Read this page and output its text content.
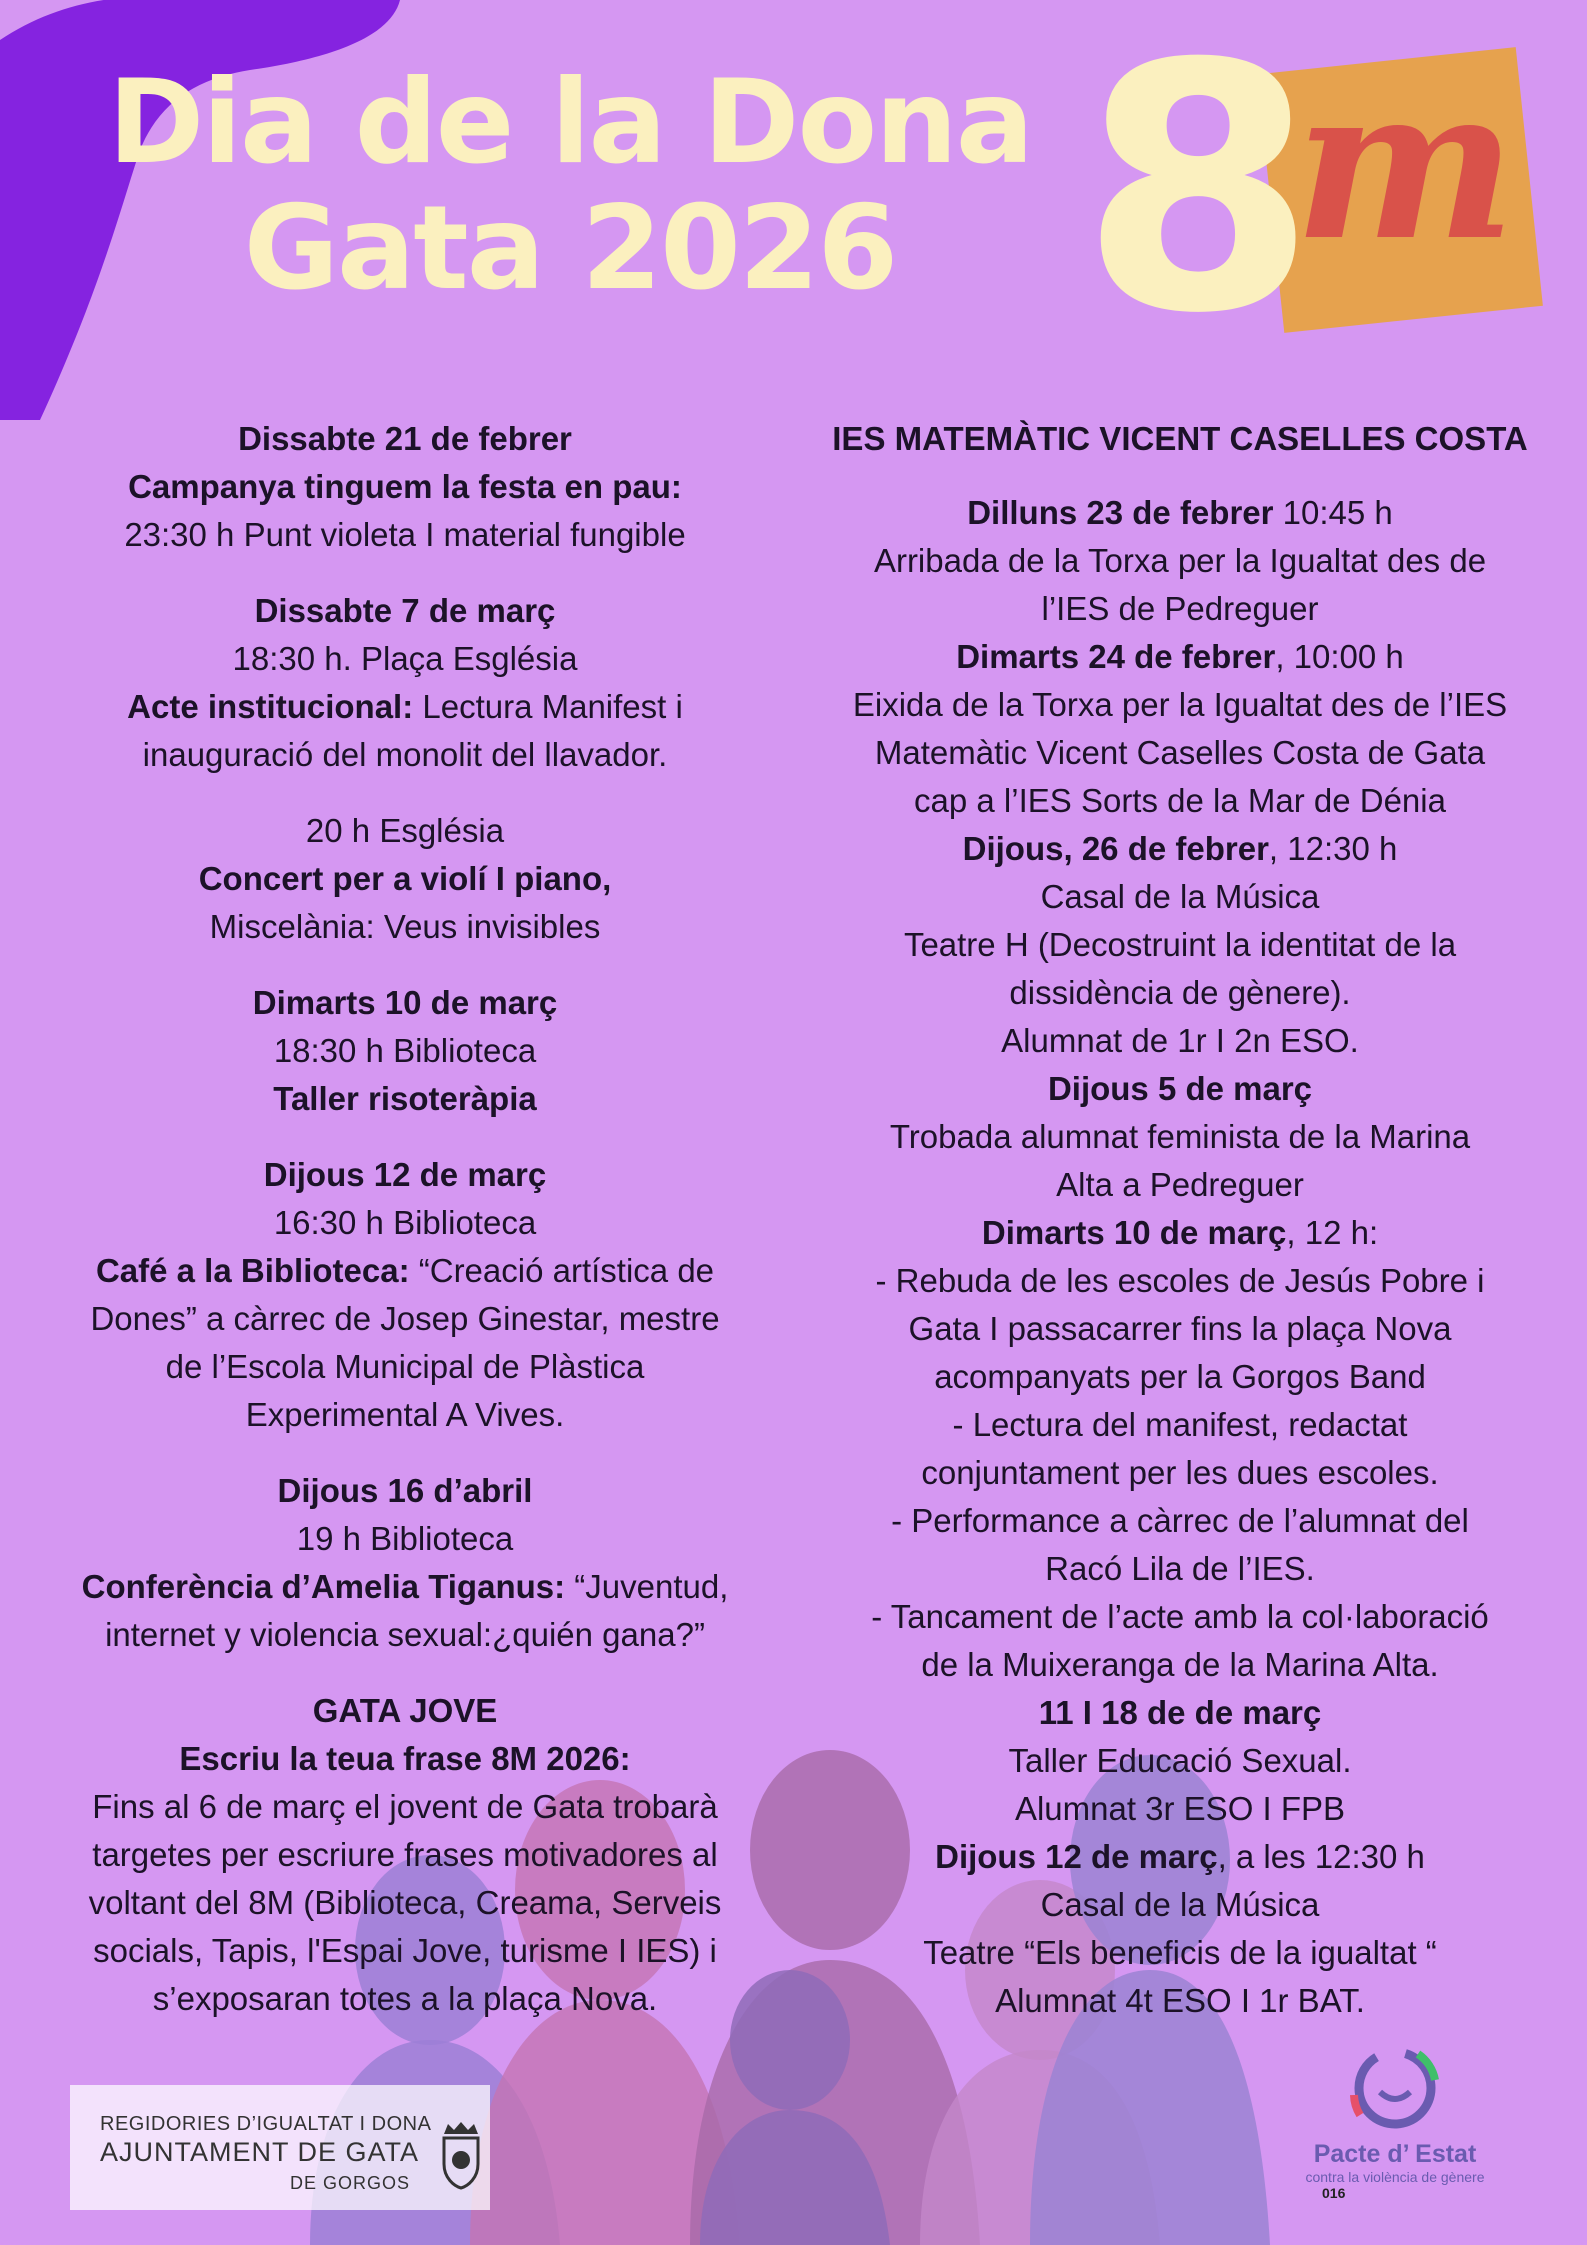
Dia de la Dona
Gata 2026 8
m

Dissabte 21 de febrer

Campanya tinguem la festa en pau:

23:30 h Punt violeta I material fungible

Dissabte 7 de març

18:30 h. Plaça Església

Acte institucional: Lectura Manifest i

inauguració del monolit del llavador.

20 h Església

Concert per a violí I piano,

Miscelània: Veus invisibles

Dimarts 10 de març

18:30 h Biblioteca

Taller risoteràpia

Dijous 12 de març

16:30 h Biblioteca

Café a la Biblioteca: “Creació artística de

Dones” a càrrec de Josep Ginestar, mestre

de l’Escola Municipal de Plàstica

Experimental A Vives.

Dijous 16 d’abril

19 h Biblioteca

Conferència d’Amelia Tiganus: “Juventud,

internet y violencia sexual:¿quién gana?”

GATA JOVE

Escriu la teua frase 8M 2026:

Fins al 6 de març el jovent de Gata trobarà

targetes per escriure frases motivadores al

voltant del 8M (Biblioteca, Creama, Serveis

socials, Tapis, l'Espai Jove, turisme I IES) i

s’exposaran totes a la plaça Nova.

IES MATEMÀTIC VICENT CASELLES COSTA

Dilluns 23 de febrer 10:45 h

Arribada de la Torxa per la Igualtat des de

l’IES de Pedreguer

Dimarts 24 de febrer, 10:00 h

Eixida de la Torxa per la Igualtat des de l’IES

Matemàtic Vicent Caselles Costa de Gata

cap a l’IES Sorts de la Mar de Dénia

Dijous, 26 de febrer, 12:30 h

Casal de la Música

Teatre H (Decostruint la identitat de la

dissidència de gènere).

Alumnat de 1r I 2n ESO.

Dijous 5 de març

Trobada alumnat feminista de la Marina

Alta a Pedreguer

Dimarts 10 de març, 12 h:

- Rebuda de les escoles de Jesús Pobre i

Gata I passacarrer fins la plaça Nova

acompanyats per la Gorgos Band

- Lectura del manifest, redactat

conjuntament per les dues escoles.

- Performance a càrrec de l’alumnat del

Racó Lila de l’IES.

- Tancament de l’acte amb la col·laboració

de la Muixeranga de la Marina Alta.

11 I 18 de de març

Taller Educació Sexual.

Alumnat 3r ESO I FPB

Dijous 12 de març, a les 12:30 h

Casal de la Música

Teatre “Els beneficis de la igualtat “

Alumnat 4t ESO I 1r BAT.

REGIDORIES D’IGUALTAT I DONA
AJUNTAMENT DE GATA
DE GORGOS
Pacte d’ Estat
contra la violència de gènere
016
